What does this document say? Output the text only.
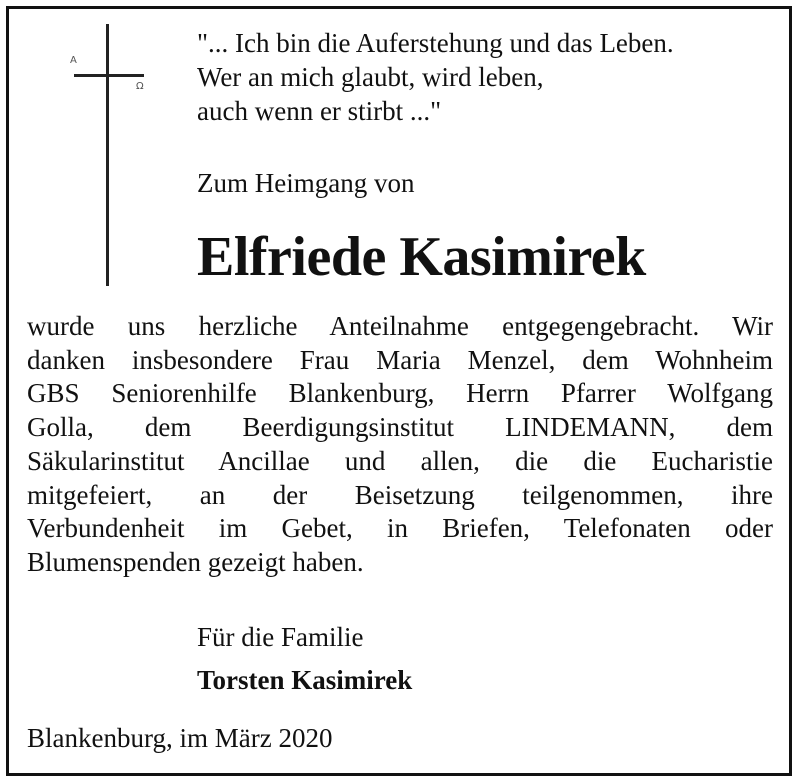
A
Ω
"... Ich bin die Auferstehung und das Leben.
Wer an mich glaubt, wird leben,
auch wenn er stirbt ..."
Zum Heimgang von
Elfriede Kasimirek
wurde uns herzliche Anteilnahme entgegengebracht. Wir
danken insbesondere Frau Maria Menzel, dem Wohnheim
GBS Seniorenhilfe Blankenburg, Herrn Pfarrer Wolfgang
Golla, dem Beerdigungsinstitut LINDEMANN, dem
Säkularinstitut Ancillae und allen, die die Eucharistie
mitgefeiert, an der Beisetzung teilgenommen, ihre
Verbundenheit im Gebet, in Briefen, Telefonaten oder
Blumenspenden gezeigt haben.
Für die Familie
Torsten Kasimirek
Blankenburg, im März 2020
